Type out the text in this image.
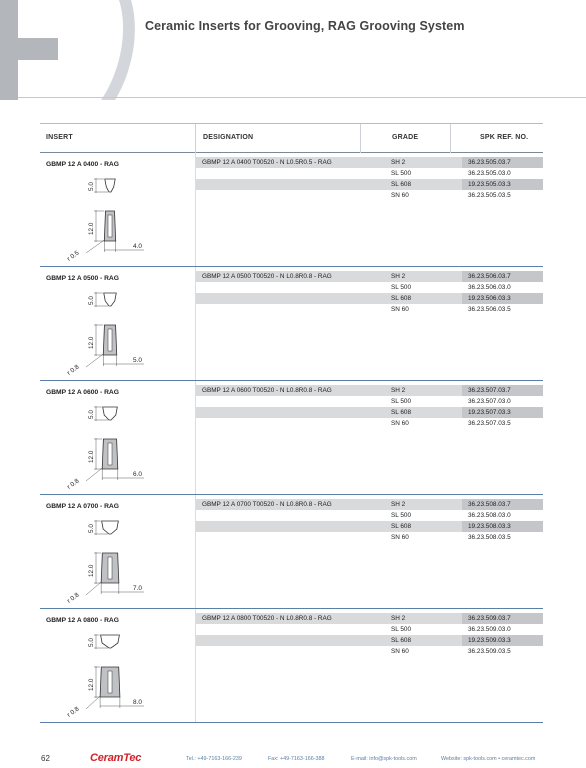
Ceramic Inserts for Grooving, RAG Grooving System
INSERT	DESIGNATION	GRADE	SPK REF. NO.
GBMP 12 A 0400 - RAG	GBMP 12 A 0400 T00520 - N L0.5R0.5 - RAG	SH 2	36.23.505.03.7
SL 500	36.23.505.03.0
SL 608	19.23.505.03.3
SN 60	36.23.505.03.5
5.0
12.0
r 0.5
4.0
GBMP 12 A 0500 - RAG	GBMP 12 A 0500 T00520 - N L0.8R0.8 - RAG	SH 2	36.23.506.03.7
SL 500	36.23.506.03.0
SL 608	19.23.506.03.3
SN 60	36.23.506.03.5
5.0
12.0
r 0.8
5.0
GBMP 12 A 0600 - RAG	GBMP 12 A 0600 T00520 - N L0.8R0.8 - RAG	SH 2	36.23.507.03.7
SL 500	36.23.507.03.0
SL 608	19.23.507.03.3
SN 60	36.23.507.03.5
5.0
12.0
r 0.8
6.0
GBMP 12 A 0700 - RAG	GBMP 12 A 0700 T00520 - N L0.8R0.8 - RAG	SH 2	36.23.508.03.7
SL 500	36.23.508.03.0
SL 608	19.23.508.03.3
SN 60	36.23.508.03.5
5.0
12.0
r 0.8
7.0
GBMP 12 A 0800 - RAG	GBMP 12 A 0800 T00520 - N L0.8R0.8 - RAG	SH 2	36.23.509.03.7
SL 500	36.23.509.03.0
SL 608	19.23.509.03.3
SN 60	36.23.509.03.5
5.0
12.0
r 0.8
8.0
62	CeramTec	Tel.: +49-7163-166-239	Fax: +49-7163-166-388	E-mail: info@spk-tools.com	Website: spk-tools.com • ceramtec.com
